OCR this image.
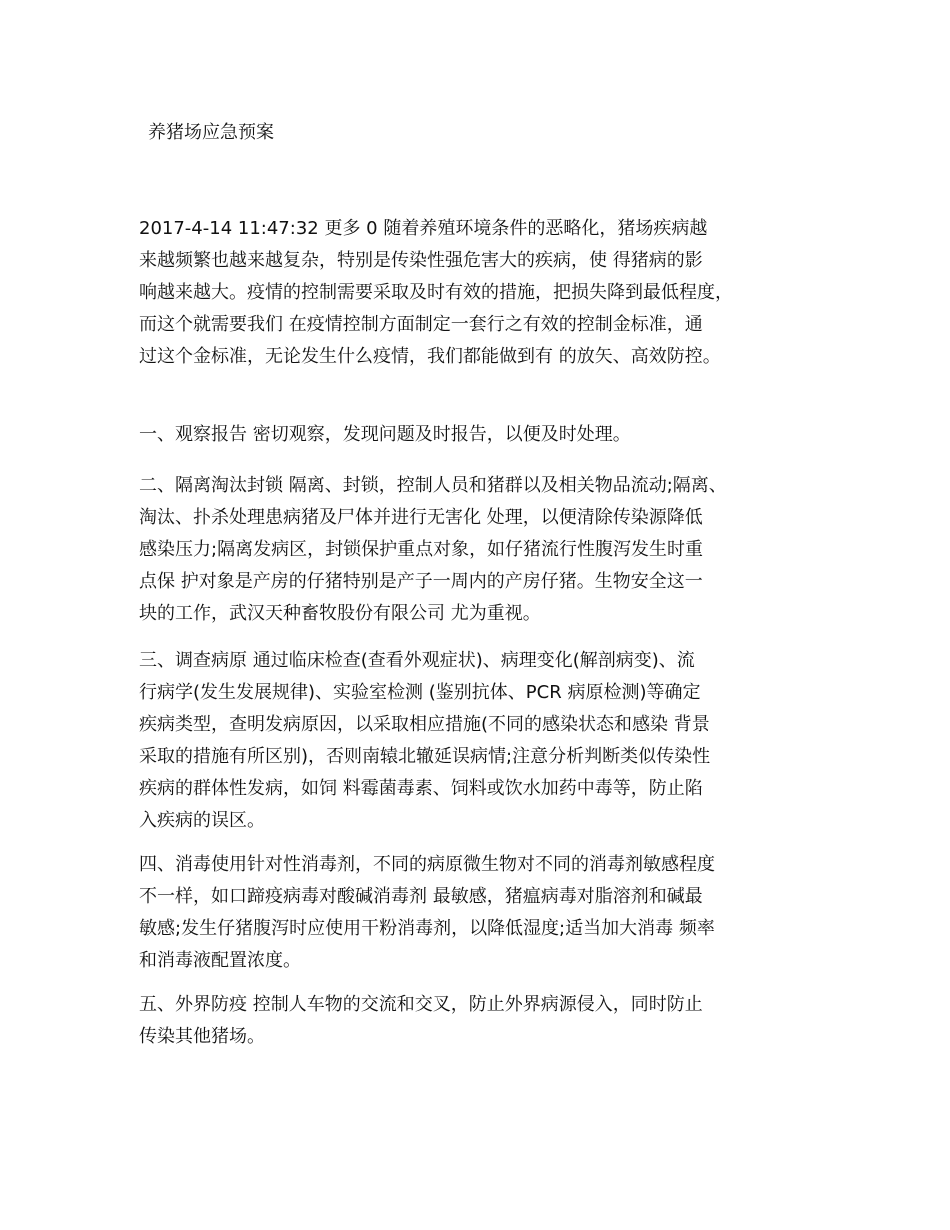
养猪场应急预案
2017-4-14 11:47:32 更多 0 随着养殖环境条件的恶略化，猪场疾病越
来越频繁也越来越复杂，特别是传染性强危害大的疾病，使 得猪病的影
响越来越大。疫情的控制需要采取及时有效的措施，把损失降到最低程度，
而这个就需要我们 在疫情控制方面制定一套行之有效的控制金标准，通
过这个金标准，无论发生什么疫情，我们都能做到有 的放矢、高效防控。
一、观察报告 密切观察，发现问题及时报告，以便及时处理。
二、隔离淘汰封锁 隔离、封锁，控制人员和猪群以及相关物品流动;隔离、
淘汰、扑杀处理患病猪及尸体并进行无害化 处理，以便清除传染源降低
感染压力;隔离发病区，封锁保护重点对象，如仔猪流行性腹泻发生时重
点保 护对象是产房的仔猪特别是产子一周内的产房仔猪。生物安全这一
块的工作，武汉天种畜牧股份有限公司 尤为重视。
三、调查病原 通过临床检查(查看外观症状)、病理变化(解剖病变)、流
行病学(发生发展规律)、实验室检测 (鉴别抗体、PCR 病原检测)等确定
疾病类型，查明发病原因，以采取相应措施(不同的感染状态和感染 背景
采取的措施有所区别)，否则南辕北辙延误病情;注意分析判断类似传染性
疾病的群体性发病，如饲 料霉菌毒素、饲料或饮水加药中毒等，防止陷
入疾病的误区。
四、消毒使用针对性消毒剂，不同的病原微生物对不同的消毒剂敏感程度
不一样，如口蹄疫病毒对酸碱消毒剂 最敏感，猪瘟病毒对脂溶剂和碱最
敏感;发生仔猪腹泻时应使用干粉消毒剂，以降低湿度;适当加大消毒 频率
和消毒液配置浓度。
五、外界防疫 控制人车物的交流和交叉，防止外界病源侵入，同时防止
传染其他猪场。
